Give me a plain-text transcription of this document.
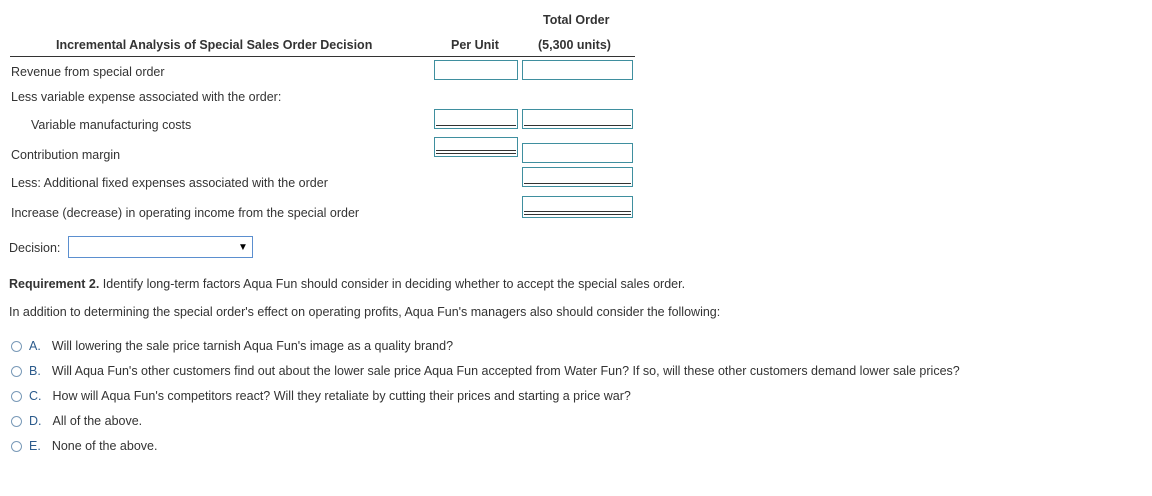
Total Order
Incremental Analysis of Special Sales Order Decision	Per Unit	(5,300 units)
Revenue from special order
Less variable expense associated with the order:
Variable manufacturing costs
Contribution margin
Less: Additional fixed expenses associated with the order
Increase (decrease) in operating income from the special order
Decision:	▼
Requirement 2. Identify long-term factors Aqua Fun should consider in deciding whether to accept the special sales order.
In addition to determining the special order's effect on operating profits, Aqua Fun's managers also should consider the following:
A. Will lowering the sale price tarnish Aqua Fun's image as a quality brand?
B. Will Aqua Fun's other customers find out about the lower sale price Aqua Fun accepted from Water Fun? If so, will these other customers demand lower sale prices?
C. How will Aqua Fun's competitors react? Will they retaliate by cutting their prices and starting a price war?
D. All of the above.
E. None of the above.
